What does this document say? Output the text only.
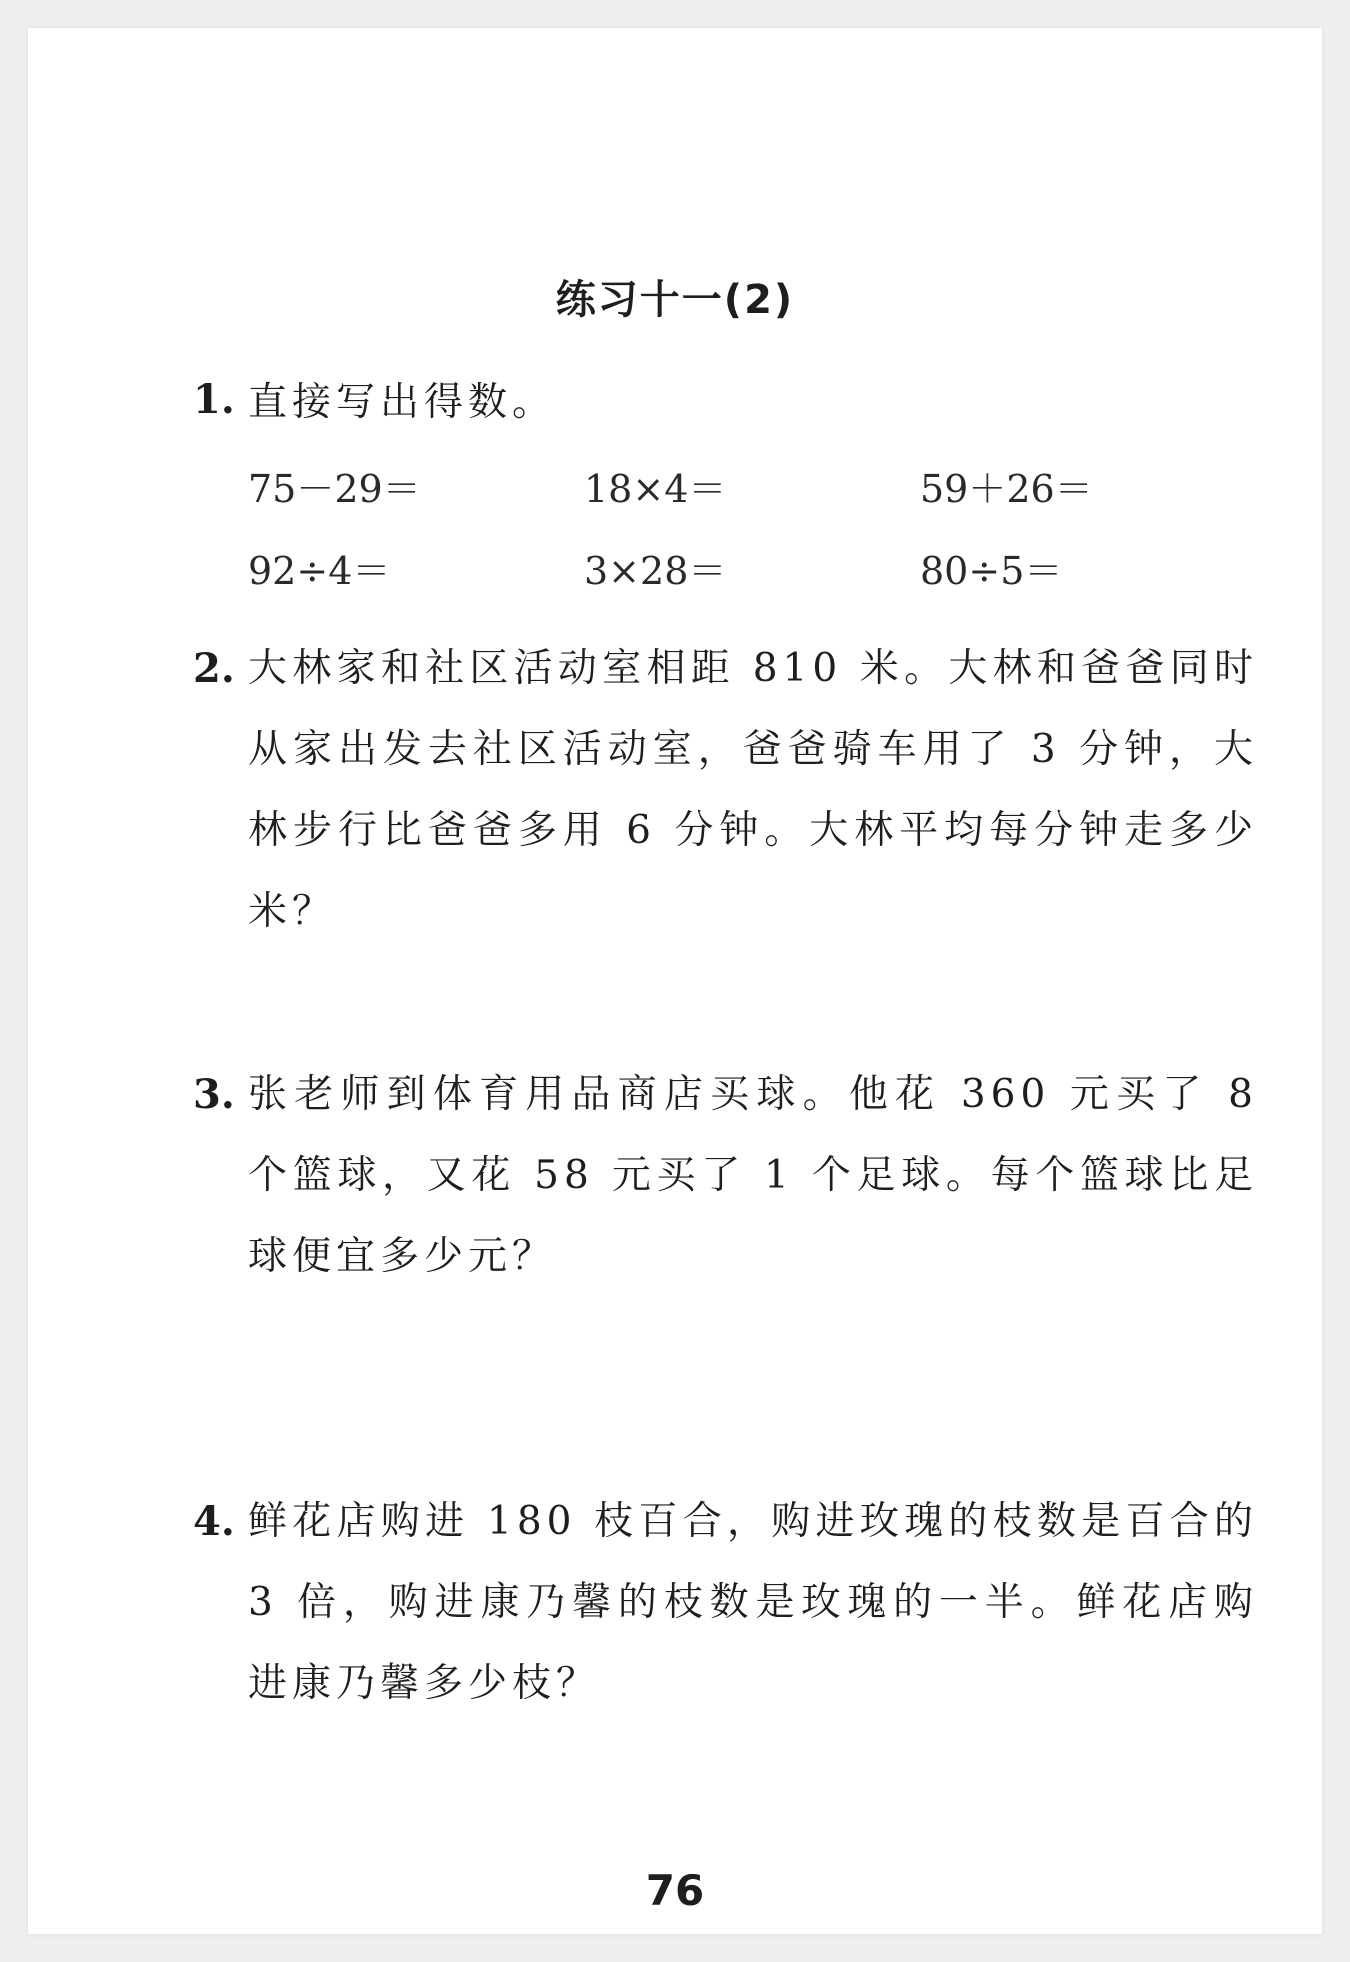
练习十一(2)
1. 直接写出得数。
75－29＝	18×4＝	59＋26＝
92÷4＝	3×28＝	80÷5＝
2. 大林家和社区活动室相距 810 米。大林和爸爸同时从家出发去社区活动室，爸爸骑车用了 3 分钟，大林步行比爸爸多用 6 分钟。大林平均每分钟走多少米？
3. 张老师到体育用品商店买球。他花 360 元买了 8 个篮球，又花 58 元买了 1 个足球。每个篮球比足球便宜多少元？
4. 鲜花店购进 180 枝百合，购进玫瑰的枝数是百合的 3 倍，购进康乃馨的枝数是玫瑰的一半。鲜花店购进康乃馨多少枝？
76
